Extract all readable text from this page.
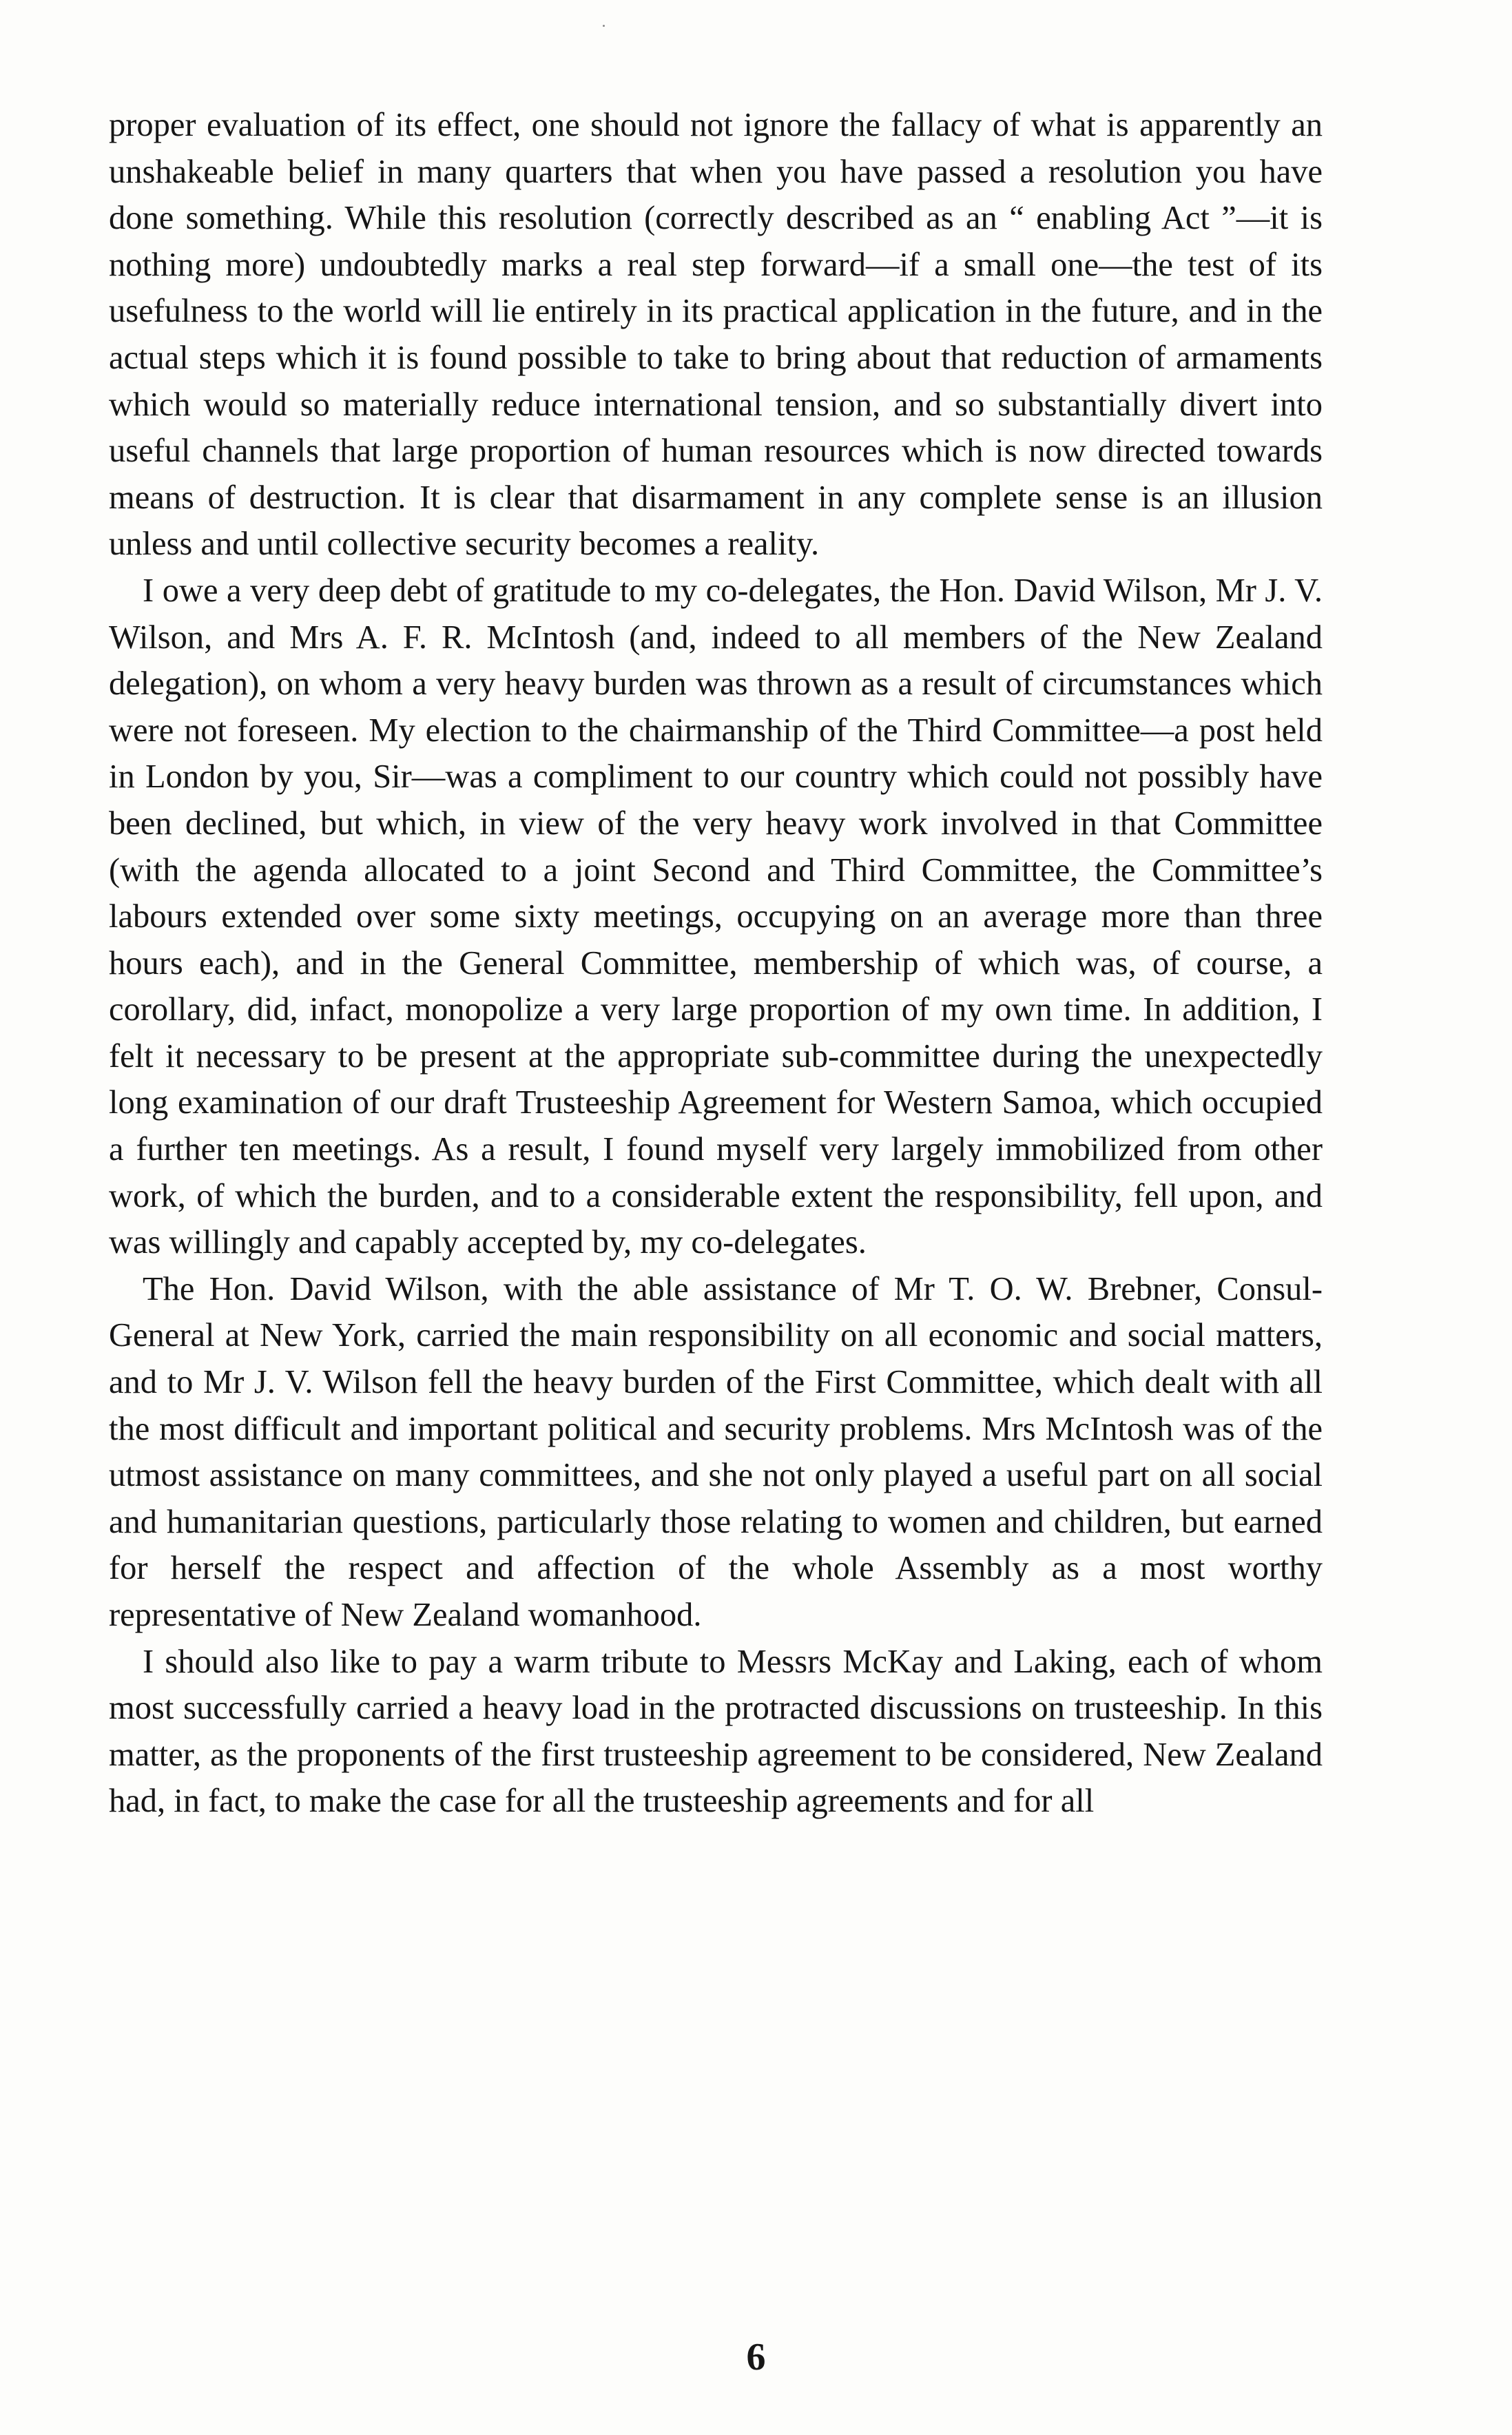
proper evaluation of its effect, one should not ignore the fallacy of what is apparently an unshakeable belief in many quarters that when you have passed a resolution you have done something. While this resolution (correctly described as an “ enabling Act ”—it is nothing more) undoubtedly marks a real step forward—if a small one—the test of its usefulness to the world will lie entirely in its practical application in the future, and in the actual steps which it is found possible to take to bring about that reduction of armaments which would so materially reduce international tension, and so substantially divert into useful channels that large proportion of human resources which is now directed towards means of destruction. It is clear that disarmament in any complete sense is an illusion unless and until collective security becomes a reality.

I owe a very deep debt of gratitude to my co-delegates, the Hon. David Wilson, Mr J. V. Wilson, and Mrs A. F. R. McIntosh (and, indeed to all members of the New Zealand delegation), on whom a very heavy burden was thrown as a result of circumstances which were not foreseen. My election to the chairmanship of the Third Committee—a post held in London by you, Sir—was a compliment to our country which could not possibly have been declined, but which, in view of the very heavy work involved in that Committee (with the agenda allocated to a joint Second and Third Committee, the Committee’s labours extended over some sixty meetings, occupying on an average more than three hours each), and in the General Committee, membership of which was, of course, a corollary, did, infact, monopolize a very large proportion of my own time. In addition, I felt it necessary to be present at the appropriate sub-committee during the unexpectedly long examination of our draft Trusteeship Agreement for Western Samoa, which occupied a further ten meetings. As a result, I found myself very largely immobilized from other work, of which the burden, and to a considerable extent the responsibility, fell upon, and was willingly and capably accepted by, my co-delegates.

The Hon. David Wilson, with the able assistance of Mr T. O. W. Brebner, Consul-General at New York, carried the main responsibility on all economic and social matters, and to Mr J. V. Wilson fell the heavy burden of the First Committee, which dealt with all the most difficult and important political and security problems. Mrs McIntosh was of the utmost assistance on many committees, and she not only played a useful part on all social and humanitarian questions, particularly those relating to women and children, but earned for herself the respect and affection of the whole Assembly as a most worthy representative of New Zealand womanhood.

I should also like to pay a warm tribute to Messrs McKay and Laking, each of whom most successfully carried a heavy load in the protracted discussions on trusteeship. In this matter, as the proponents of the first trusteeship agreement to be considered, New Zealand had, in fact, to make the case for all the trusteeship agreements and for all

6
